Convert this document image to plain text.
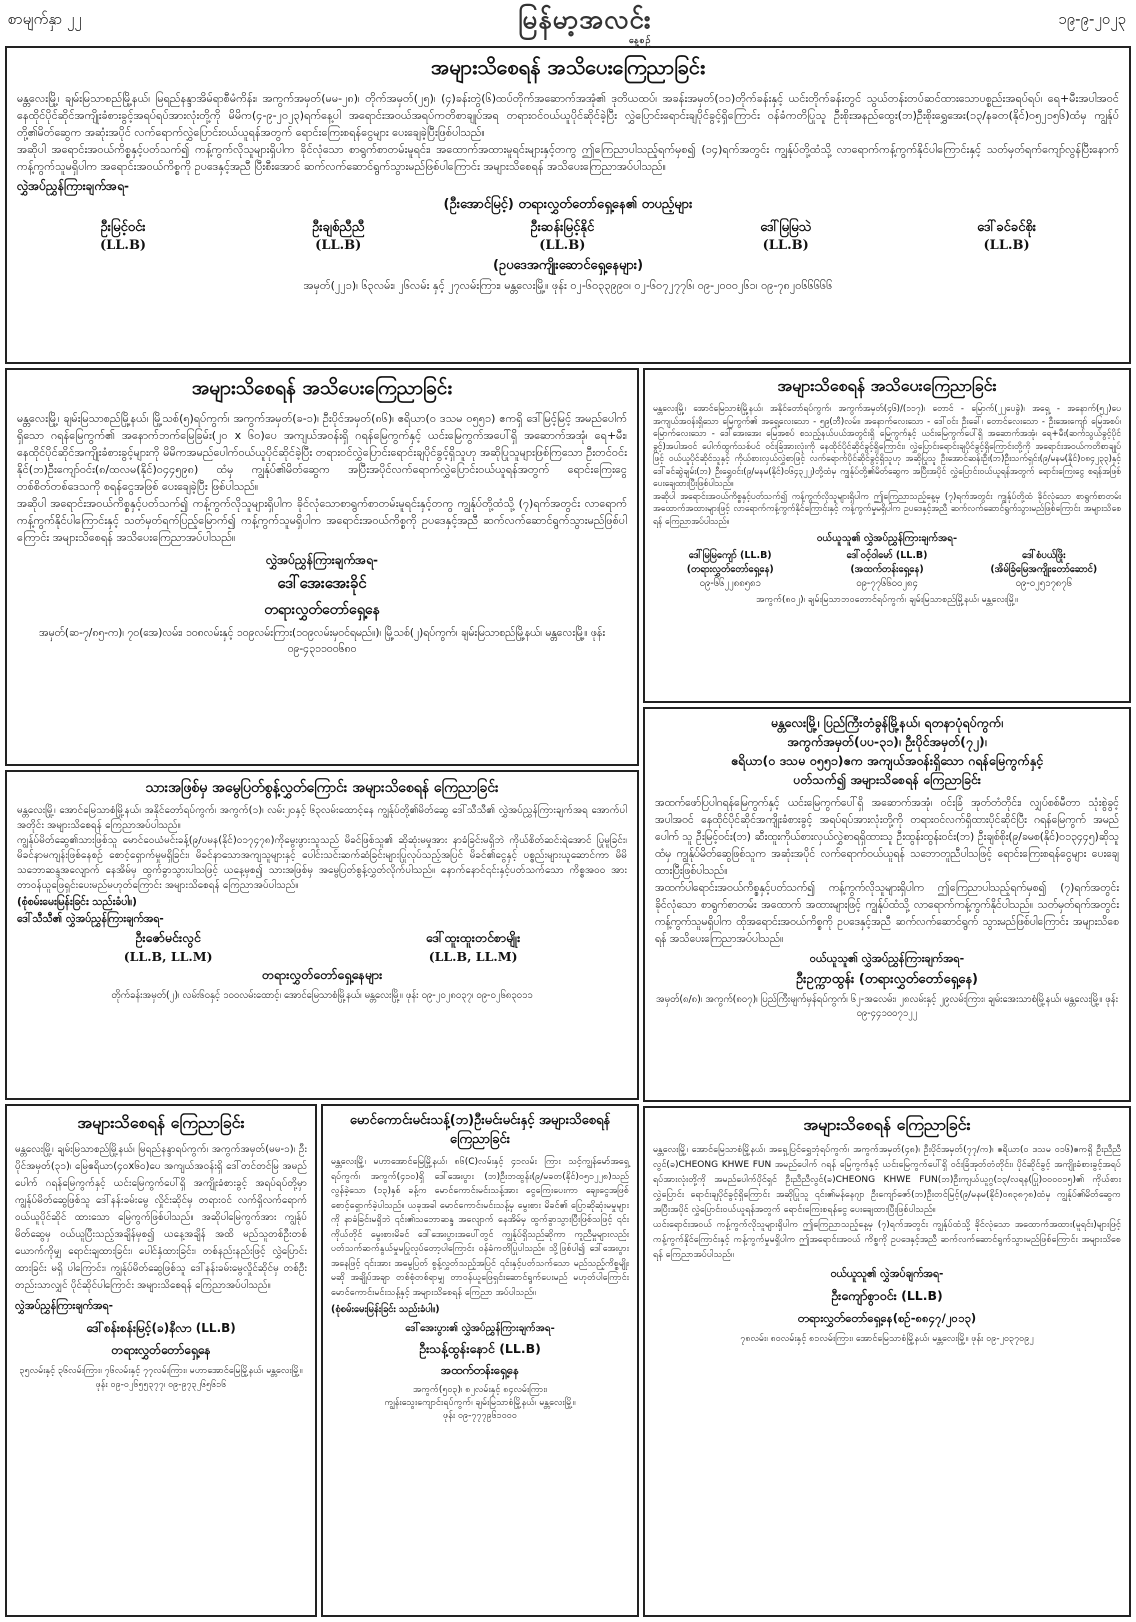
စာမျက်နှာ ၂၂	မြန်မာ့အလင်း
နေ့စဉ်
၁၉-၉-၂၀၂၃
အများသိစေရန် အသိပေးကြေညာခြင်း

မန္တလေးမြို့၊ ချမ်းမြသာစည်မြို့နယ်၊ မြရည်နန္ဒာအိမ်ရာစီမံကိန်း၊ အကွက်အမှတ်(မမ-၂၈)၊ တိုက်အမှတ်(၂၅)၊ (၄)ခန်းတွဲ(၆)ထပ်တိုက်အဆောက်အအုံ၏ ဒုတိယထပ်၊ အခန်းအမှတ်(၁၁)တိုက်ခန်းနှင့် ယင်းတိုက်ခန်းတွင် သွယ်တန်းတပ်ဆင်ထားသောပစ္စည်းအရပ်ရပ်၊ ရေ+မီးအပါအဝင် နေထိုင်ပိုင်ဆိုင်အကျိုးခံစားခွင့်အရပ်ရပ်အားလုံးတို့ကို မိမိက(၄-၉-၂၀၂၃)ရက်နေ့ပါ အရောင်းအဝယ်အရပ်ကတိစာချုပ်အရ တရားဝင်ဝယ်ယူပိုင်ဆိုင်ခဲ့ပြီး လွှဲပြောင်းရောင်းချပိုင်ခွင့်ရှိကြောင်း ဝန်ခံကတိပြုသူ ဦးစိုးအနည်ထွေး(ဘ)ဦးစိုးရွှေအေး(၁၃/နခတ(နိုင်)၀၅၂၁၅၆)ထံမှ ကျွန်ုပ်တို့၏မိတ်ဆွေက အဆုံးအပိုင် လက်ရောက်လွှဲပြောင်းဝယ်ယူရန်အတွက် ရောင်းကြေးစရန်ငွေများ ပေးချေခဲ့ပြီးဖြစ်ပါသည်။

အဆိုပါ အရောင်းအဝယ်ကိစ္စနှင့်ပတ်သက်၍ ကန့်ကွက်လိုသူများရှိပါက ခိုင်လုံသော စာရွက်စာတမ်းမူရင်း၊ အထောက်အထားမူရင်းများနှင့်တကွ ဤကြေညာပါသည့်ရက်မှစ၍ (၁၄)ရက်အတွင်း ကျွန်ုပ်တို့ထံသို့ လာရောက်ကန့်ကွက်နိုင်ပါကြောင်းနှင့် သတ်မှတ်ရက်ကျော်လွန်ပြီးနောက် ကန့်ကွက်သူမရှိပါက အရောင်းအဝယ်ကိစ္စကို ဥပဒေနှင့်အညီ ပြီးစီးအောင် ဆက်လက်ဆောင်ရွက်သွားမည်ဖြစ်ပါကြောင်း အများသိစေရန် အသိပေးကြေညာအပ်ပါသည်။

လွှဲအပ်ညွှန်ကြားချက်အရ-
(ဦးအောင်မြင့်) တရားလွှတ်တော်ရှေ့နေ၏ တပည့်များ
ဦးမြင့်ဝင်း
(LL.B)
ဦးချစ်ညီညီ
(LL.B)
ဦးဆန်းမြင့်နိုင်
(LL.B)
ဒေါ်မြမြသဲ
(LL.B)
ဒေါ်ခင်ခင်စိုး
(LL.B)
(ဥပဒေအကျိုးဆောင်ရှေ့နေများ)
အမှတ်(၂၂၁)၊ ၆၃လမ်း၊ ၂၆လမ်း နှင့် ၂၇လမ်းကြား၊ မန္တလေးမြို့။ ဖုန်း ၀၂-၆၀၃၃၉၉၀၊ ၀၂-၆၀၇၂၇၇၆၊ ၀၉-၂၀၀၀၂၆၁၊ ၀၉-၇၈၂၀၆၆၆၆၆
အများသိစေရန် အသိပေးကြေညာခြင်း

မန္တလေးမြို့၊ ချမ်းမြသာစည်မြို့နယ်၊ မြို့သစ်(၅)ရပ်ကွက်၊ အကွက်အမှတ်(ခ-၁)၊ ဦးပိုင်အမှတ်(၈၆)၊ ဧရိယာ(၀ ဒသမ ၀၅၅၁) ဧကရှိ ဒေါ်မြင့်မြင့် အမည်ပေါက်ရှိသော ဂရန်မြေကွက်၏ အနောက်ဘက်မြေခြမ်း(၂၀ x ၆၀)ပေ အကျယ်အဝန်းရှိ ဂရန်မြေကွက်နှင့် ယင်းမြေကွက်အပေါ်ရှိ အဆောက်အအုံ၊ ရေ+မီး၊ နေထိုင်ပိုင်ဆိုင်အကျိုးခံစားခွင့်များကို မိမိကအမည်ပေါက်ဝယ်ယူပိုင်ဆိုင်ခဲ့ပြီး တရားဝင်လွှဲပြောင်းရောင်းချပိုင်ခွင့်ရှိသူဟု အဆိုပြုသူများဖြစ်ကြသော ဦးတင်ဝင်းနိုင်(ဘ)ဦးကျော်ဝင်း(၈/ထလမ(နိုင်)၀၄၄၅၉၈) ထံမှ ကျွန်ုပ်၏မိတ်ဆွေက အပြီးအပိုင်လက်ရောက်လွှဲပြောင်းဝယ်ယူရန်အတွက် ရောင်းကြေးငွေ တစ်စိတ်တစ်ဒေသကို စရန်ငွေအဖြစ် ပေးချေခဲ့ပြီး ဖြစ်ပါသည်။

အဆိုပါ အရောင်းအဝယ်ကိစ္စနှင့်ပတ်သက်၍ ကန့်ကွက်လိုသူများရှိပါက ခိုင်လုံသောစာရွက်စာတမ်းမူရင်းနှင့်တကွ ကျွန်ုပ်တို့ထံသို့ (၇)ရက်အတွင်း လာရောက်ကန့်ကွက်နိုင်ပါကြောင်းနှင့် သတ်မှတ်ရက်ပြည့်မြောက်၍ ကန့်ကွက်သူမရှိပါက အရောင်းအဝယ်ကိစ္စကို ဥပဒေနှင့်အညီ ဆက်လက်ဆောင်ရွက်သွားမည်ဖြစ်ပါကြောင်း အများသိစေရန် အသိပေးကြေညာအပ်ပါသည်။

လွှဲအပ်ညွှန်ကြားချက်အရ-
ဒေါ်အေးအေးခိုင်
တရားလွှတ်တော်ရှေ့နေ
အမှတ်(ဆ-၇/၈၅-က)၊ ၇၀(အေ)လမ်း၊ ၁၀၈လမ်းနှင့် ၁၀၉လမ်းကြား(၁၀၉လမ်းမှဝင်ရမည်။)၊ မြို့သစ်(၂)ရပ်ကွက်၊ ချမ်းမြသာစည်မြို့နယ်၊ မန္တလေးမြို့။ ဖုန်း ၀၉-၄၃၁၁၀၀၆၈၀
အများသိစေရန် အသိပေးကြေညာခြင်း

မန္တလေးမြို့၊ အောင်မြေသာစံမြို့နယ်၊ အနိုင်တော်ရပ်ကွက်၊ အကွက်အမှတ်(၄၆)/(၁၁၇)၊ တောင် - မြောက်(၂၂ပေခွဲ)၊ အရှေ့ - အနောက်(၅၂)ပေ အကျယ်အဝန်းရှိသော မြေကွက်၏ အရှေ့လေးသော - ၅၉(ဘီ)လမ်း၊ အနောက်လေးသော - ဒေါ်ဝင်း ဦးခေါ်၊ တောင်လေးသော - ဦးအေးကျော် မြေအစပ်၊ မြောက်လေးသော - ဒေါ်အေးအေး မြေအစပ် စသည့်နယ်ပယ်အတွင်းရှိ မြေကွက်နှင့် ယင်းမြေကွက်ပေါ်ရှိ အဆောက်အအုံ၊ ရေ+မီး(ဆက်သွယ်ခွင့်ပိုင်ခွင့်)အပါအဝင် ပေါက်ထွက်သစ်ပင် ဝင်းခြံအားလုံးကို နေထိုင်ပိုင်ဆိုင်ခွင့်ရှိကြောင်း၊ လွှဲပြောင်းရောင်းချပိုင်ခွင့်ရှိကြောင်းတို့ကို အရောင်းအဝယ်ကတိစာချုပ်ဖြင့် ဝယ်ယူပိုင်ဆိုင်သူနှင့် ကိုယ်စားလှယ်လွှဲစာဖြင့် လက်ရောက်ပိုင်ဆိုင်ခွင့်ရှိသူဟု အဆိုပြုသူ ဦးအောင်ဆန်းဦး(ဘ)ဦးသက်ရှင်း(၉/မနမ(နိုင်)၀၈၄၂၃၃)နှင့် ဒေါ်ခင်ဆွဲချမ်း(ဘ) ဦးရွှေဝင်း(၉/မနမ(နိုင်)၀၆၄၃၂၂)တို့ထံမှ ကျွန်ုပ်တို့၏မိတ်ဆွေက အပြီးအပိုင် လွှဲပြောင်းဝယ်ယူရန်အတွက် ရောင်းကြေးငွေ စရန်အဖြစ် ပေးချေထားပြီးဖြစ်ပါသည်။

အဆိုပါ အရောင်းအဝယ်ကိစ္စနှင့်ပတ်သက်၍ ကန့်ကွက်လိုသူများရှိပါက ဤကြေညာသည့်နေ့မှ (၇)ရက်အတွင်း ကျွန်ုပ်တို့ထံ ခိုင်လုံသော စာရွက်စာတမ်း အထောက်အထားများဖြင့် လာရောက်ကန့်ကွက်နိုင်ကြောင်းနှင့် ကန့်ကွက်မှုမရှိပါက ဥပဒေနှင့်အညီ ဆက်လက်ဆောင်ရွက်သွားမည်ဖြစ်ကြောင်း အများသိစေရန် ကြေညာအပ်ပါသည်။

ဝယ်ယူသူ၏ လွှဲအပ်ညွှန်ကြားချက်အရ-
ဒေါ်မြမြကျော် (LL.B)
(တရားလွှတ်တော်ရှေ့နေ)
၀၉-၆၆၂၂၈၈၅၈၁
ဒေါ်ဝင့်ဝါမော် (LL.B)
(အထက်တန်းရှေ့နေ)
၀၉-၇၇၆၆၀၀၂၈၄
ဒေါ်စံပယ်ဖြိုး
(အိမ်ခြံမြေအကျိုးတော်ဆောင်)
၀၉-၀၂၅၁၇၈၇၆
အကွက်(၈၀၂)၊ ချမ်းမြသာဘဝတောင်ရပ်ကွက်၊ ချမ်းမြသာစည်မြို့နယ်၊ မန္တလေးမြို့။
သားအဖြစ်မှ အမွေပြတ်စွန့်လွှတ်ကြောင်း အများသိစေရန် ကြေညာခြင်း

မန္တလေးမြို့၊ အောင်မြေသာစံမြို့နယ်၊ အနိုင်တော်ရပ်ကွက်၊ အကွက်(၁)၊ လမ်း၂၀နှင့် ၆၃လမ်းထောင့်နေ ကျွန်ုပ်တို့၏မိတ်ဆွေ ဒေါ်သီသီ၏ လွှဲအပ်ညွှန်ကြားချက်အရ အောက်ပါအတိုင်း အများသိစေရန် ကြေညာအပ်ပါသည်။

ကျွန်ုပ်မိတ်ဆွေ၏သားဖြစ်သူ မောင်ဝေယံမင်းခန့်(၉/ပမန(နိုင်)၀၁၇၄၇၈)ကိုမွေးဖွားသူသည် မိခင်ဖြစ်သူ၏ ဆိုဆုံးမမှုအား နာခံခြင်းမရှိဘဲ ကိုယ်စိတ်ဆင်းရဲအောင် ပြုမူခြင်း၊ မိခင်နာမကျန်းဖြစ်နေစဉ် စောင့်ရှောက်မှုမရှိခြင်း၊ မိခင်နာသောအကျသူများနှင့် ပေါင်းသင်းဆက်ဆံခြင်းများပြုလုပ်သည့်အပြင် မိခင်၏ငွေနှင့် ပစ္စည်းများယူဆောင်ကာ မိမိသဘောဆန္ဒအလျောက် နေအိမ်မှ ထွက်ခွာသွားပါသဖြင့် ယနေ့မှစ၍ သားအဖြစ်မှ အမွေပြတ်စွန့်လွှတ်လိုက်ပါသည်။ နောက်နောင်၎င်းနှင့်ပတ်သက်သော ကိစ္စအဝဝ အား တာဝန်ယူဖြေရှင်းပေးမည်မဟုတ်ကြောင်း အများသိစေရန် ကြေညာအပ်ပါသည်။

(စုံစမ်းမေးမြန်းခြင်း သည်းခံပါ။)
ဒေါ်သီသီ၏ လွှဲအပ်ညွှန်ကြားချက်အရ-
ဦးဇော်မင်းလွင်
(LL.B, LL.M)
ဒေါ်ထူးထူးတင်စာမျိုး
(LL.B, LL.M)
တရားလွှတ်တော်ရှေ့နေများ
တိုက်ခန်းအမှတ်(၂)၊ လမ်း၆၀နှင့် ၁၀၀လမ်းထောင့်၊ အောင်မြေသာစံမြို့နယ်၊ မန္တလေးမြို့။ ဖုန်း ၀၉-၂၀၂၈၀၃၇၊ ၀၉-၀၂၆၈၃၀၁၁
မန္တလေးမြို့၊ ပြည်ကြီးတံခွန်မြို့နယ်၊ ရတနာပုံရပ်ကွက်၊
အကွက်အမှတ်(ပပ-၃၁)၊ ဦးပိုင်အမှတ်(၇၂)၊
ဧရိယာ(၀ ဒသမ ၀၅၅၁)ဧက အကျယ်အဝန်းရှိသော ဂရန်မြေကွက်နှင့်
ပတ်သက်၍ အများသိစေရန် ကြေညာခြင်း

အထက်ဖော်ပြပါဂရန်မြေကွက်နှင့် ယင်းမြေကွက်ပေါ်ရှိ အဆောက်အအုံ၊ ဝင်းခြံ အုတ်တံတိုင်း၊ လျှပ်စစ်မီတာ သုံးစွဲခွင့်အပါအဝင် နေထိုင်ပိုင်ဆိုင်အကျိုးခံစားခွင့် အရပ်ရပ်အားလုံးတို့ကို တရားဝင်လက်ရှိထားပိုင်ဆိုင်ပြီး ဂရန်မြေကွက် အမည်ပေါက် သူ ဦးမြင့်ဝင်း(ဘ) ဆီးထူးကိုယ်စားလှယ်လွှဲစာရရှိထားသူ ဦးထွန်းထွန်းဝင်း(ဘ) ဦးချစ်စိုး(၉/ခမစ(နိုင်)၀၁၃၄၄၅)ဆိုသူထံမှ ကျွန်ုပ်မိတ်ဆွေဖြစ်သူက အဆုံးအပိုင် လက်ရောက်ဝယ်ယူရန် သဘောတူညီပါသဖြင့် ရောင်းကြေးစရန်ငွေများ ပေးချေထားပြီးဖြစ်ပါသည်။

အထက်ပါရောင်းအဝယ်ကိစ္စနှင့်ပတ်သက်၍ ကန့်ကွက်လိုသူများရှိပါက ဤကြေညာပါသည့်ရက်မှစ၍ (၇)ရက်အတွင်း ခိုင်လုံသော စာရွက်စာတမ်း အထောက် အထားများဖြင့် ကျွန်ုပ်ထံသို့ လာရောက်ကန့်ကွက်နိုင်ပါသည်။ သတ်မှတ်ရက်အတွင်း ကန့်ကွက်သူမရှိပါက ထိုအရောင်းအဝယ်ကိစ္စကို ဥပဒေနှင့်အညီ ဆက်လက်ဆောင်ရွက် သွားမည်ဖြစ်ပါကြောင်း အများသိစေရန် အသိပေးကြေညာအပ်ပါသည်။

ဝယ်ယူသူ၏ လွှဲအပ်ညွှန်ကြားချက်အရ-
ဦးဥက္ကာထွန်း (တရားလွှတ်တော်ရှေ့နေ)
အမှတ်(၈/၈)၊ အကွက်(၈၀၇)၊ ပြည်ကြီးမျက်မှန်ရပ်ကွက်၊ ၆၂-အလေမ်း၊ ၂၈လမ်းနှင့် ၂၉လမ်းကြား၊ ချမ်းအေးသာစံမြို့နယ်၊ မန္တလေးမြို့။ ဖုန်း ၀၉-၄၄၁၀၀၇၁၂၂
အများသိစေရန် ကြေညာခြင်း

မန္တလေးမြို့၊ ချမ်းမြသာစည်မြို့နယ်၊ မြရည်နန္ဒာရပ်ကွက်၊ အကွက်အမှတ်(မမ-၁)၊ ဦးပိုင်အမှတ်(၃၁)၊ မြေဧရိယာ(၄၀x၆၀)ပေ အကျယ်အဝန်းရှိ ဒေါ်တင်တင်မြ အမည်ပေါက် ဂရန်မြေကွက်နှင့် ယင်းမြေကွက်ပေါ်ရှိ အကျိုးခံစားခွင့် အရပ်ရပ်တို့မှာ ကျွန်ုပ်မိတ်ဆွေဖြစ်သူ ဒေါ်နန်းခမ်းမွေ လှိုင်းဆိုင်မှ တရားဝင် လက်ရှိလက်ရောက် ဝယ်ယူပိုင်ဆိုင် ထားသော မြေကွက်ဖြစ်ပါသည်။ အဆိုပါမြေကွက်အား ကျွန်ုပ်မိတ်ဆွေမှ ဝယ်ယူပြီးသည့်အချိန်မှစ၍ ယနေ့အချိန် အထိ မည်သူတစ်ဦးတစ်ယောက်ကိုမျှ ရောင်းချထားခြင်း၊ ပေါင်နှံထားခြင်း၊ တစ်နည်းနည်းဖြင့် လွှဲပြောင်းထားခြင်း မရှိ ပါကြောင်း၊ ကျွန်ုပ်မိတ်ဆွေဖြစ်သူ ဒေါ်နန်းခမ်းမွေလှိုင်ဆိုင်မှ တစ်ဦးတည်းသာလျှင် ပိုင်ဆိုင်ပါကြောင်း အများသိစေရန် ကြေညာအပ်ပါသည်။

လွှဲအပ်ညွှန်ကြားချက်အရ-
ဒေါ်စန်းစန်းမြင့်(ခ)နီလာ (LL.B)
တရားလွှတ်တော်ရှေ့နေ
၃၅လမ်းနှင့် ၃၆လမ်းကြား၊ ၇၆လမ်းနှင့် ၇၇လမ်းကြား၊ မဟာအောင်မြေမြို့နယ်၊ မန္တလေးမြို့။ ဖုန်း ၀၉-၀၂၆၅၅၃၇၇၊ ၀၉-၉၇၃၂၆၅၆၁၆
မောင်ကောင်းမင်းသန့်(ဘ)ဦးမင်းမင်းနှင့် အများသိစေရန် ကြေညာခြင်း

မန္တလေးမြို့၊ မဟာအောင်မြေမြို့နယ်၊ ၈၆(C)လမ်းနှင့် ၄၁လမ်း ကြား သင့်ကျွန်မော်အရှေ့ရပ်ကွက်၊ အကွက်(၄၁၀)ရှိ ဒေါ်အေးပွား (ဘ)ဦးဘထွန်း(၉/မခတ(နိုင်)၀၅၁၂၂၈)သည် လွန်ခဲ့သော (၁၃)နှစ် ခန့်က မောင်ကောင်းမင်းသန့်အား ငွေကြေးပေးကာ ချေးငွေအဖြစ် စောင့်ရှောက်ခဲ့ပါသည်။ ယခုအခါ မောင်ကောင်းမင်းသန့်မှ မွေးစား မိခင်၏ ပြောဆိုဆုံးမမှုများကို နာခံခြင်းမရှိဘဲ ၎င်း၏သဘောဆန္ဒ အလျောက် နေအိမ်မှ ထွက်ခွာသွားပြီးဖြစ်သဖြင့် ၎င်းကိုယ်တိုင် မွေးစားမိခင် ဒေါ်အေးပွားအပေါ်တွင် ကျွန်ုပ်ရှိသည်ဆိုကာ ကူညီမှုများလည်း ပတ်သက်ဆက်နွယ်မှုမပြုလုပ်တော့ပါကြောင်း ဝန်ခံကတိပြုပါသည်။ သို့ဖြစ်ပါ၍ ဒေါ်အေးပွားအနေဖြင့် ၎င်းအား အမွေပြတ် စွန့်လွှတ်သည့်အပြင် ၎င်းနှင့်ပတ်သက်သော မည်သည့်ကိစ္စမျိုးမဆို အချိုပ်အချာ တစ်စုံတစ်ရာမျှ တာဝန်ယူဖြေရှင်းဆောင်ရွက်ပေးမည် မဟုတ်ပါကြောင်း မောင်ကောင်းမင်းသန့်နှင့် အများသိစေရန် ကြေညာ အပ်ပါသည်။

(စုံစမ်းမေးမြန်းခြင်း သည်းခံပါ။)
ဒေါ်အေးပွား၏ လွှဲအပ်ညွှန်ကြားချက်အရ-
ဦးသန့်ထွန်းနောင် (LL.B)
အထက်တန်းရှေ့နေ
အကွက်(၅၀၃)၊ ၈၂လမ်းနှင့် ၈၄လမ်းကြား၊
ကျွန်းသွေးကျောင်းရပ်ကွက်၊ ချမ်းမြသာစံမြို့နယ်၊ မန္တလေးမြို့။
ဖုန်း ၀၉-၇၇၇၉၆၁၀၀၀
အများသိစေရန် ကြေညာခြင်း

မန္တလေးမြို့၊ အောင်မြေသာစံမြို့နယ်၊ အရှေ့ပြင်ရွှေဘုံရပ်ကွက်၊ အကွက်အမှတ်(၄၈)၊ ဦးပိုင်အမှတ်(၇၇/က)၊ ဧရိယာ(၀ ဒသမ ၀၁၆)ဧကရှိ ဦးညီညီလွင်(ခ)CHEONG KHWE FUN အမည်ပေါက် ဂရန် မြေကွက်နှင့် ယင်းမြေကွက်ပေါ်ရှိ ဝင်းခြံအုတ်တံတိုင်း၊ ပိုင်ဆိုင်ခွင့် အကျိုးခံစားခွင့်အရပ်ရပ်အားလုံးတို့ကို အမည်ပေါက်ပိုင်ရှင် ဦးညီညီလွင်(ခ)CHEONG KHWE FUN(ဘ)ဦးကျယ်ယူဂွ(၁၃/လရန(ပြု)၀၀၀၀၁၅)၏ ကိုယ်စားလွှဲပြောင်း ရောင်းချပိုင်ခွင့်ရှိကြောင်း အဆိုပြုသူ ၎င်း၏မန်နေဂျာ ဦးကျော်ဇော်(ဘ)ဦးတင်မြင့်(၉/မနမ(နိုင်)၀၈၃၈၇၈)ထံမှ ကျွန်ုပ်၏မိတ်ဆွေက အပြီးအပိုင် လွှဲပြောင်းဝယ်ယူရန်အတွက် ရောင်းကြေးစရန်ငွေ ပေးချေထားပြီးဖြစ်ပါသည်။

ယင်းရောင်းအဝယ် ကန့်ကွက်လိုသူများရှိပါက ဤကြေညာသည့်နေ့မှ (၇)ရက်အတွင်း ကျွန်ုပ်ထံသို့ ခိုင်လုံသော အထောက်အထား(မူရင်း)များဖြင့် ကန့်ကွက်နိုင်ကြောင်းနှင့် ကန့်ကွက်မှုမရှိပါက ဤအရောင်းအဝယ် ကိစ္စကို ဥပဒေနှင့်အညီ ဆက်လက်ဆောင်ရွက်သွားမည်ဖြစ်ကြောင်း အများသိစေရန် ကြေညာအပ်ပါသည်။

ဝယ်ယူသူ၏ လွှဲအပ်ချက်အရ-
ဦးကျော်စွာဝင်း (LL.B)
တရားလွှတ်တော်ရှေ့နေ(စဉ်-၈၈၄၇/၂၀၁၃)
၇၈လမ်း၊ ၈၀လမ်းနှင့် ၈၁လမ်းကြား၊ အောင်မြေသာစံမြို့နယ်၊ မန္တလေးမြို့။ ဖုန်း ၀၉-၂၀၃၇၀၉၂
